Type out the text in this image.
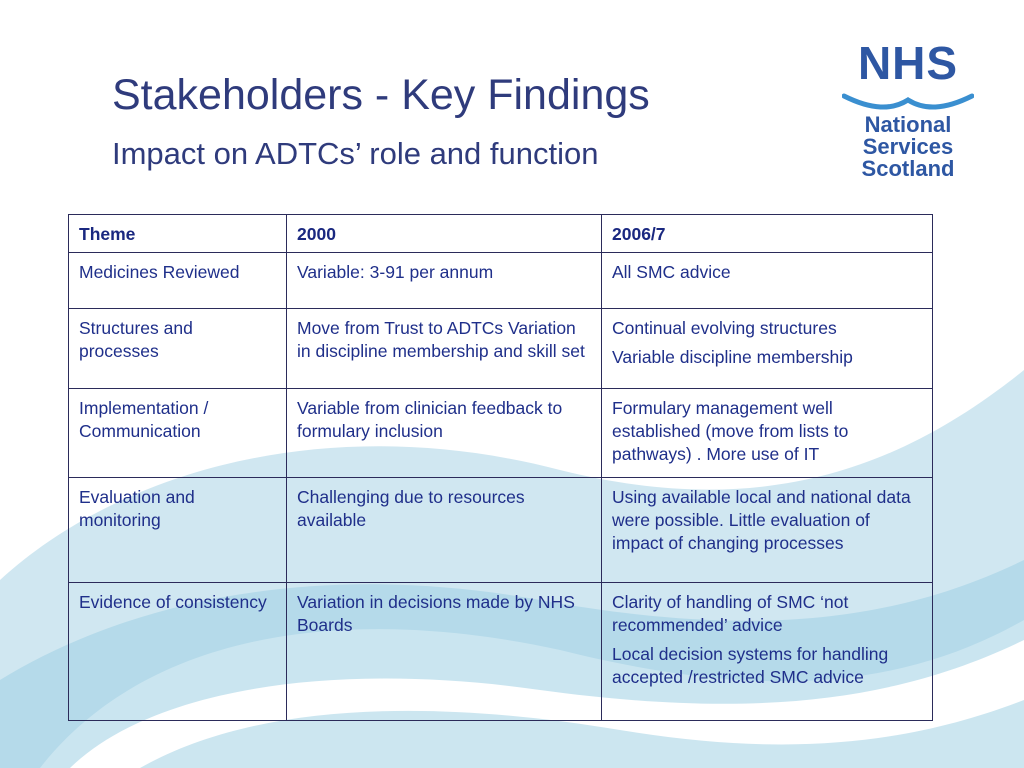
Stakeholders - Key Findings
Impact on ADTCs’ role and function
NHS
National
Services
Scotland
Theme	2000	2006/7
Medicines Reviewed	Variable: 3-91 per annum	All SMC advice

Structures and processes	Move from Trust to ADTCs Variation in discipline membership and skill set	Continual evolving structures
Variable discipline membership

Implementation / Communication	Variable from clinician feedback to formulary inclusion	Formulary management well established (move from lists to pathways) . More use of IT

Evaluation and monitoring	Challenging due to resources available	Using available local and national data were possible. Little evaluation of impact of changing processes

Evidence of consistency	Variation in decisions made by NHS Boards	Clarity of handling of SMC ‘not recommended’ advice
Local decision systems for handling accepted /restricted SMC advice
